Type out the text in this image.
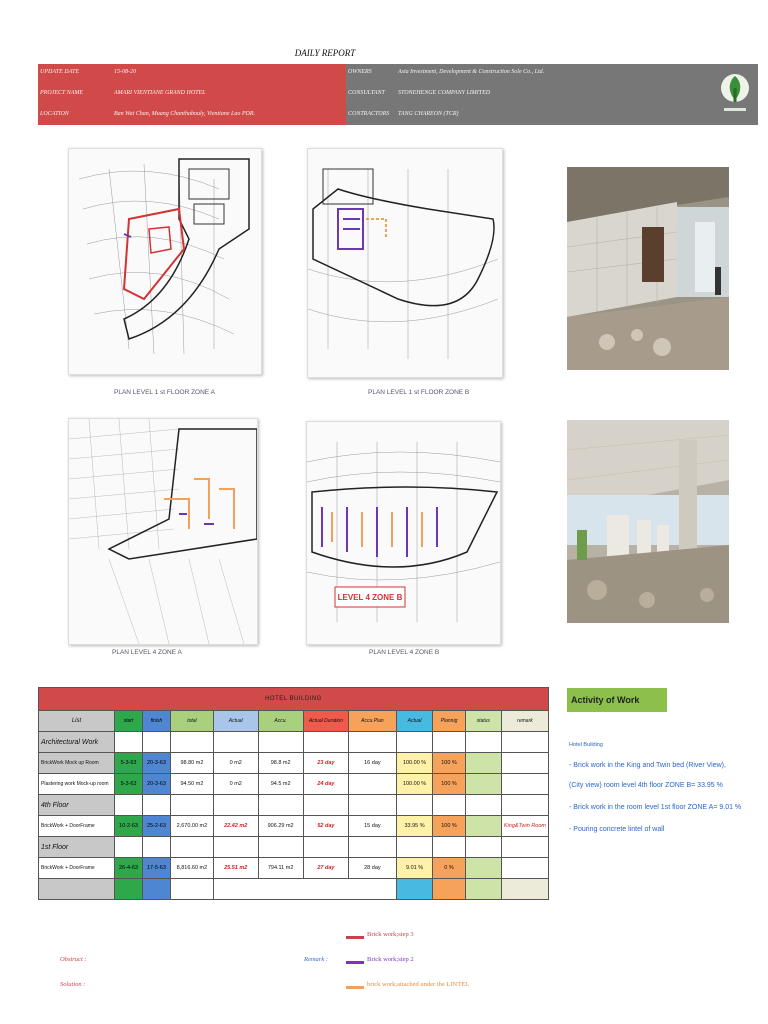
DAILY REPORT
UPDATE DATE	15-08-20
PROJECT NAME	AMARI VIENTIANE GRAND HOTEL
LOCATION	Ban Wat Chan, Muang Chanthabouly, Vientiane Lao PDR.
OWNERS	Asia Investment, Development & Construction Sole Co., Ltd.
CONSULTANT STONEHENGE COMPANY LIMITED
CONTRACTORS TANG CHAREON (TCR)
PLAN LEVEL 1 st FLOOR ZONE A	PLAN LEVEL 1 st FLOOR ZONE B
PLAN LEVEL 4 ZONE A
LEVEL 4 ZONE B
PLAN LEVEL 4 ZONE B
HOTEL BUILDING											
List	start	finish	total	Actual	Accu.	Actual Duration	Accu.Plan	Actual	Plannig	status	remark
Architectural Work											
BrickWork Mock up Room	5-3-63	20-3-63	98.80 m2	0 m2	98.8 m2	23 day	16 day	100.00 %	100 %		
Plastering work Mock-up room	5-3-63	20-3-63	94.50 m2	0 m2	94.5 m2	24 day		100.00 %	100 %		
4th Floor											
BrickWork + DoorFrame	10-2-63	25-2-63	2,670.00 m2	22.42 m2	906.29 m2	52 day	15 day	33.95 %	100 %		King&Twin Room
1st Floor											
BrickWork + DoorFrame	26-4-63	17-5-63	8,816.60 m2	25.51 m2	794.11 m2	27 day	28 day	9.01 %	0 %		

Activity of Work
Hotel Building
- Brick work in the King and Twin bed (River View),
(City view) room level 4th floor ZONE B= 33.95 %
- Brick work in the room level 1st floor ZONE A= 9.01 %
- Pouring concrete lintel of wall
Brick work;step 3
Brick work;step 2
brick work;attached under the LINTEL
Obstruct :	Remark :
Solution :
